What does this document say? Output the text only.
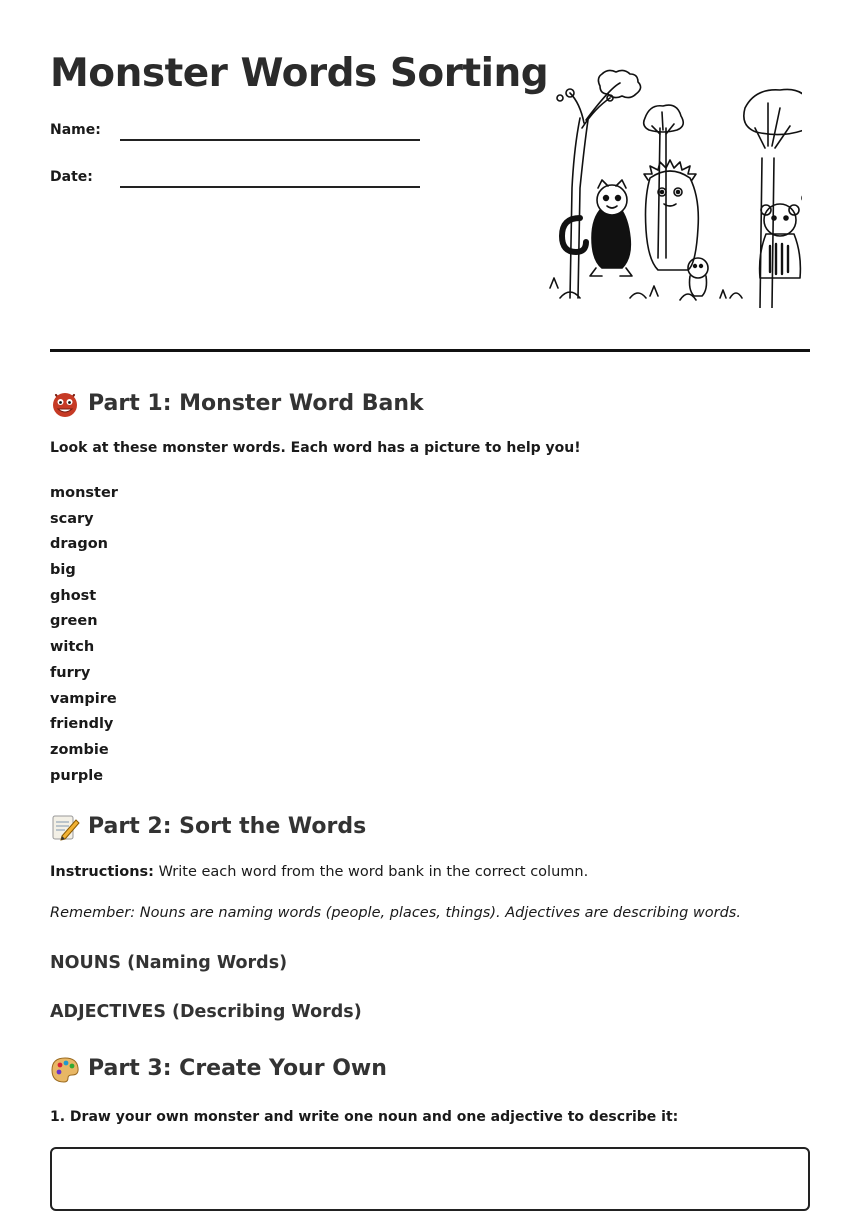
Monster Words Sorting
Name:
Date:
Part 1: Monster Word Bank
Look at these monster words. Each word has a picture to help you!
monster
scary
dragon
big
ghost
green
witch
furry
vampire
friendly
zombie
purple
Part 2: Sort the Words
Instructions: Write each word from the word bank in the correct column.
Remember: Nouns are naming words (people, places, things). Adjectives are describing words.
NOUNS (Naming Words)
ADJECTIVES (Describing Words)
Part 3: Create Your Own
1. Draw your own monster and write one noun and one adjective to describe it:
